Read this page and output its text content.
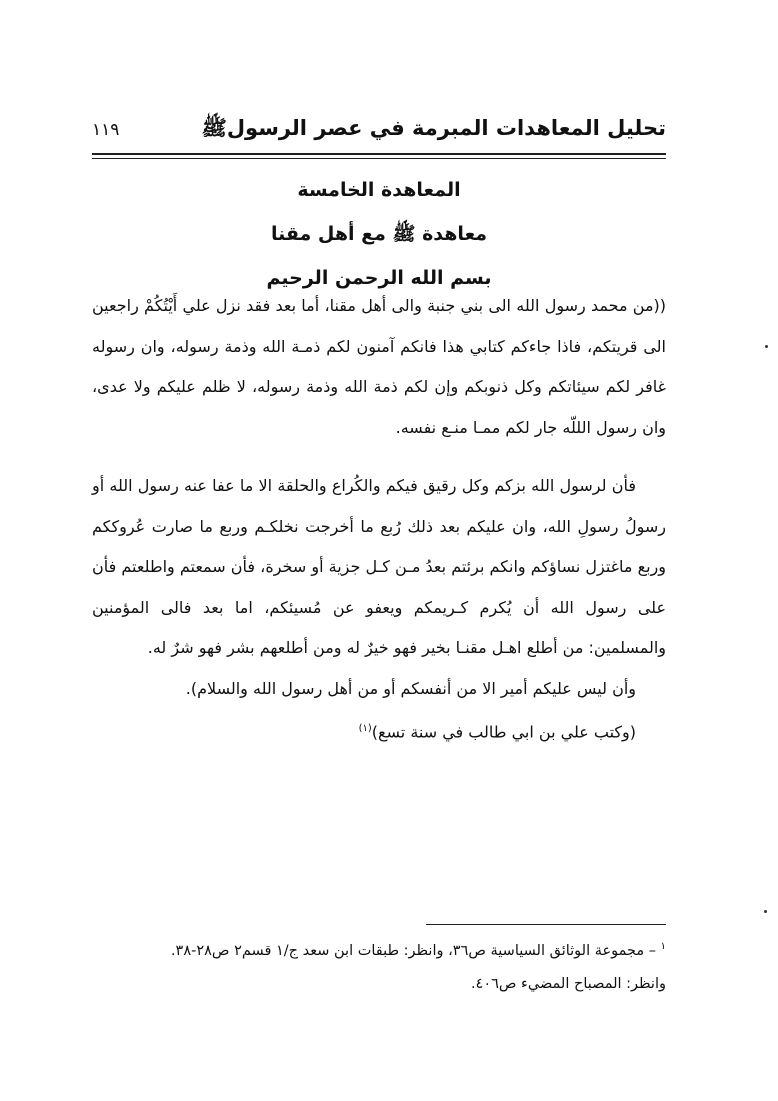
تحليل المعاهدات المبرمة في عصر الرسولﷺ
١١٩
المعاهدة الخامسة
معاهدة ﷺ مع أهل مقنا
بسم الله الرحمن الرحيم

((من محمد رسول الله الى بني جنبة والى أهل مقنا، أما بعد فقد نزل علي أَيْتُكُمْ راجعين الى قريتكم، فاذا جاءكم كتابي هذا فانكم آمنون لكم ذمـة الله وذمة رسوله، وان رسوله غافر لكم سيئاتكم وكل ذنوبكم وإن لكم ذمة الله وذمة رسوله، لا ظلم عليكم ولا عدى، وان رسول الللّه جار لكم ممـا منـع نفسه.

فأن لرسول الله بزكم وكل رقيق فيكم والكُراع والحلقة الا ما عفا عنه رسول الله أو رسولُ رسولِ الله، وان عليكم بعد ذلك رُبع ما أخرجت نخلكـم وربع ما صارت عُروككم وربع ماغتزل نساؤكم وانكم برئتم بعدُ مـن كـل جزية أو سخرة، فأن سمعتم واطلعتم فأن على رسول الله أن يُكرم كـريمكم ويعفو عن مُسيئكم، اما بعد فالى المؤمنين والمسلمين: من أطلع اهـل مقنـا بخير فهو خيرٌ له ومن أطلعهم بشر فهو شرٌ له.

وأن ليس عليكم أمير الا من أنفسكم أو من أهل رسول الله والسلام).

(وكتب علي بن ابي طالب في سنة تسع)$^{(١)}$

$^١$ – مجموعة الوثائق السياسية ص٣٦، وانظر: طبقات ابن سعد ج/١ قسم٢ ص٢٨-٣٨.
وانظر: المصباح المضيء ص٤٠٦.
